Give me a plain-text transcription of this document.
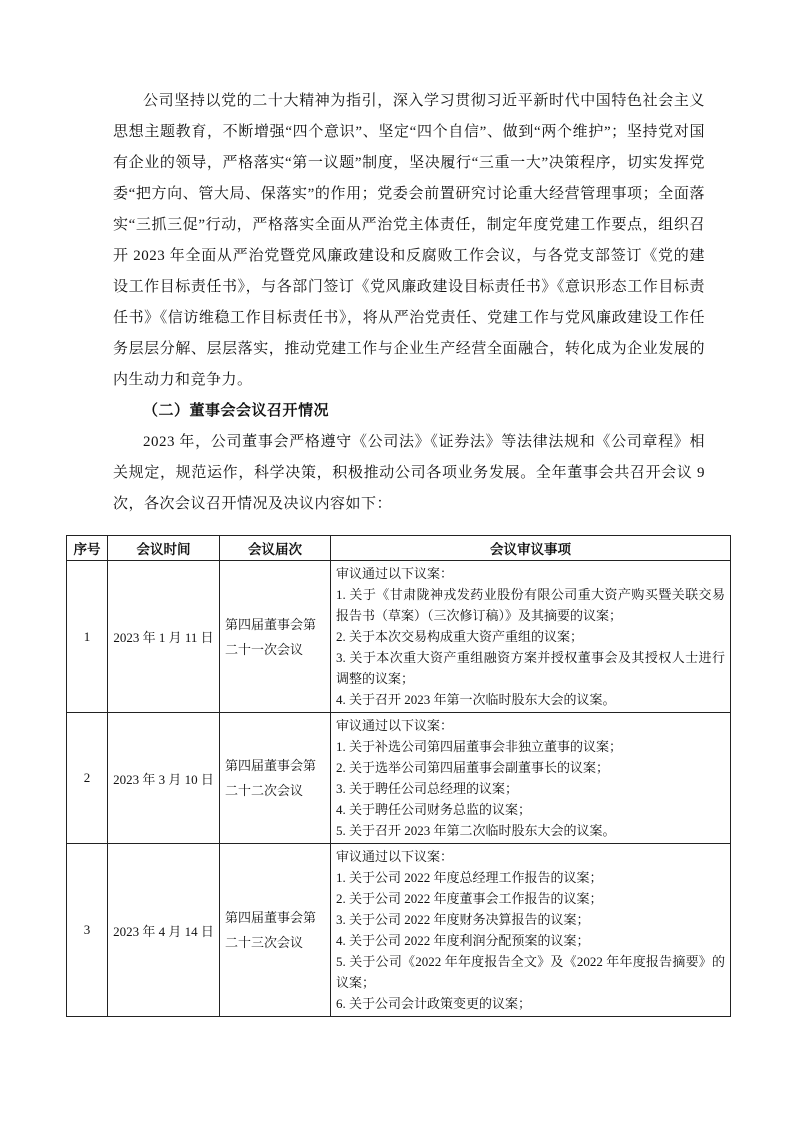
公司坚持以党的二十大精神为指引，深入学习贯彻习近平新时代中国特色社会主义思想主题教育，不断增强“四个意识”、坚定“四个自信”、做到“两个维护”；坚持党对国有企业的领导，严格落实“第一议题”制度，坚决履行“三重一大”决策程序，切实发挥党委“把方向、管大局、保落实”的作用；党委会前置研究讨论重大经营管理事项；全面落实“三抓三促”行动，严格落实全面从严治党主体责任，制定年度党建工作要点，组织召开 2023 年全面从严治党暨党风廉政建设和反腐败工作会议，与各党支部签订《党的建设工作目标责任书》，与各部门签订《党风廉政建设目标责任书》《意识形态工作目标责任书》《信访维稳工作目标责任书》，将从严治党责任、党建工作与党风廉政建设工作任务层层分解、层层落实，推动党建工作与企业生产经营全面融合，转化成为企业发展的内生动力和竞争力。

（二）董事会会议召开情况

2023 年，公司董事会严格遵守《公司法》《证券法》等法律法规和《公司章程》相关规定，规范运作，科学决策，积极推动公司各项业务发展。全年董事会共召开会议 9 次，各次会议召开情况及决议内容如下：

序号	会议时间	会议届次	会议审议事项
1	2023 年 1 月 11 日	第四届董事会第二十一次会议	审议通过以下议案：
1. 关于《甘肃陇神戎发药业股份有限公司重大资产购买暨关联交易报告书（草案）（三次修订稿）》及其摘要的议案；
2. 关于本次交易构成重大资产重组的议案；
3. 关于本次重大资产重组融资方案并授权董事会及其授权人士进行调整的议案；
4. 关于召开 2023 年第一次临时股东大会的议案。

2	2023 年 3 月 10 日	第四届董事会第二十二次会议	
审议通过以下议案：
1. 关于补选公司第四届董事会非独立董事的议案；
2. 关于选举公司第四届董事会副董事长的议案；
3. 关于聘任公司总经理的议案；
4. 关于聘任公司财务总监的议案；
5. 关于召开 2023 年第二次临时股东大会的议案。

3	2023 年 4 月 14 日	第四届董事会第二十三次会议	
审议通过以下议案：
1. 关于公司 2022 年度总经理工作报告的议案；
2. 关于公司 2022 年度董事会工作报告的议案；
3. 关于公司 2022 年度财务决算报告的议案；
4. 关于公司 2022 年度利润分配预案的议案；
5. 关于公司《2022 年年度报告全文》及《2022 年年度报告摘要》的议案；
6. 关于公司会计政策变更的议案；
